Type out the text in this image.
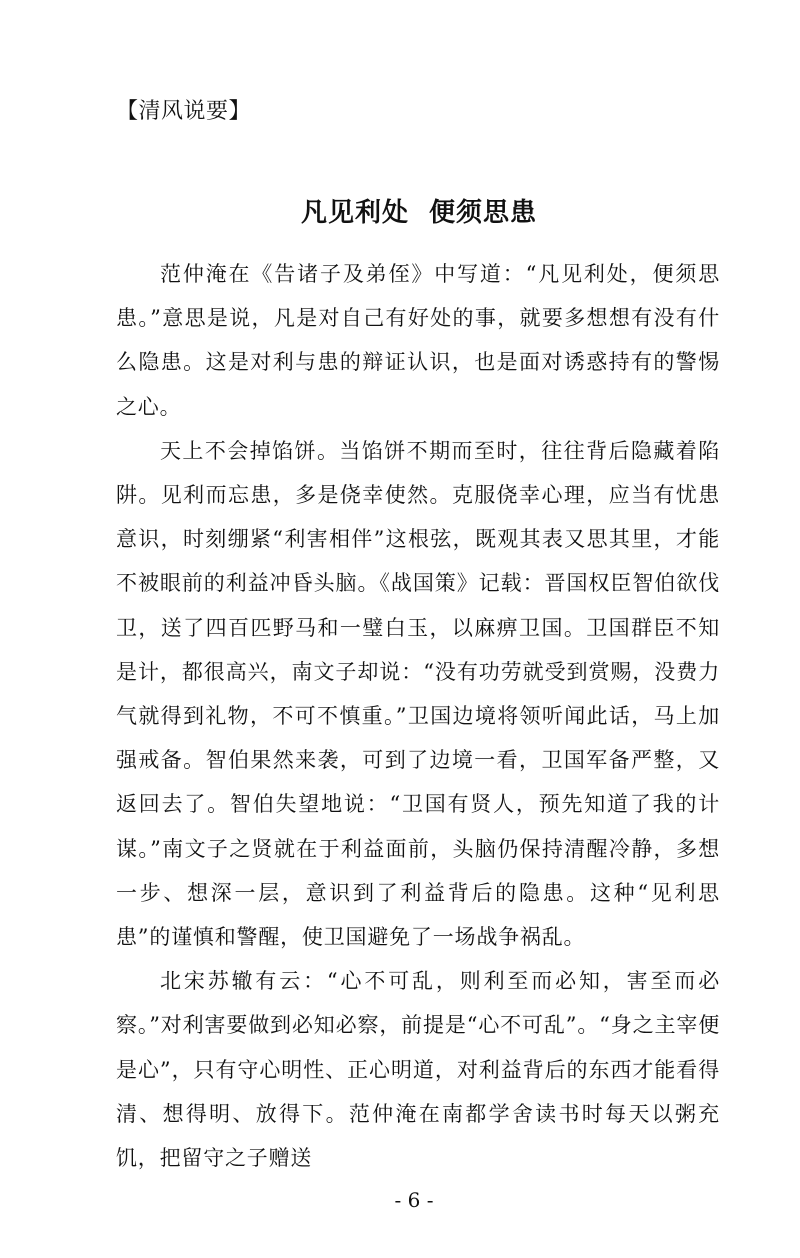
【清风说要】
凡见利处  便须思患

范仲淹在《告诸子及弟侄》中写道：“凡见利处，便须思患。”意思是说，凡是对自己有好处的事，就要多想想有没有什么隐患。这是对利与患的辩证认识，也是面对诱惑持有的警惕之心。

天上不会掉馅饼。当馅饼不期而至时，往往背后隐藏着陷阱。见利而忘患，多是侥幸使然。克服侥幸心理，应当有忧患意识，时刻绷紧“利害相伴”这根弦，既观其表又思其里，才能不被眼前的利益冲昏头脑。《战国策》记载：晋国权臣智伯欲伐卫，送了四百匹野马和一璧白玉，以麻痹卫国。卫国群臣不知是计，都很高兴，南文子却说：“没有功劳就受到赏赐，没费力气就得到礼物，不可不慎重。”卫国边境将领听闻此话，马上加强戒备。智伯果然来袭，可到了边境一看，卫国军备严整，又返回去了。智伯失望地说：“卫国有贤人，预先知道了我的计谋。”南文子之贤就在于利益面前，头脑仍保持清醒冷静，多想一步、想深一层，意识到了利益背后的隐患。这种“见利思患”的谨慎和警醒，使卫国避免了一场战争祸乱。

北宋苏辙有云：“心不可乱，则利至而必知，害至而必察。”对利害要做到必知必察，前提是“心不可乱”。“身之主宰便是心”，只有守心明性、正心明道，对利益背后的东西才能看得清、想得明、放得下。范仲淹在南都学舍读书时每天以粥充饥，把留守之子赠送

- 6 -
